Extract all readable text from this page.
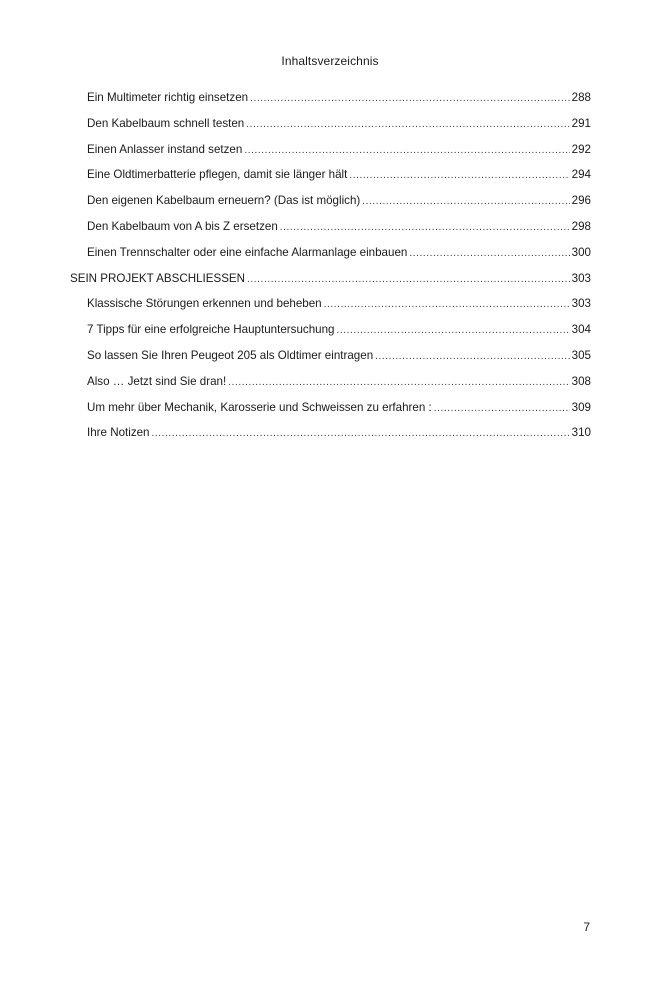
Inhaltsverzeichnis
Ein Multimeter richtig einsetzen .....	288
Den Kabelbaum schnell testen .....	291
Einen Anlasser instand setzen .....	292
Eine Oldtimerbatterie pflegen, damit sie länger hält .....	294
Den eigenen Kabelbaum erneuern? (Das ist möglich) .....	296
Den Kabelbaum von A bis Z ersetzen .....	298
Einen Trennschalter oder eine einfache Alarmanlage einbauen .....	300
SEIN PROJEKT ABSCHLIESSEN .....	303
Klassische Störungen erkennen und beheben .....	303
7 Tipps für eine erfolgreiche Hauptuntersuchung .....	304
So lassen Sie Ihren Peugeot 205 als Oldtimer eintragen .....	305
Also … Jetzt sind Sie dran! .....	308
Um mehr über Mechanik, Karosserie und Schweissen zu erfahren : .....	309
Ihre Notizen .....	310
7
